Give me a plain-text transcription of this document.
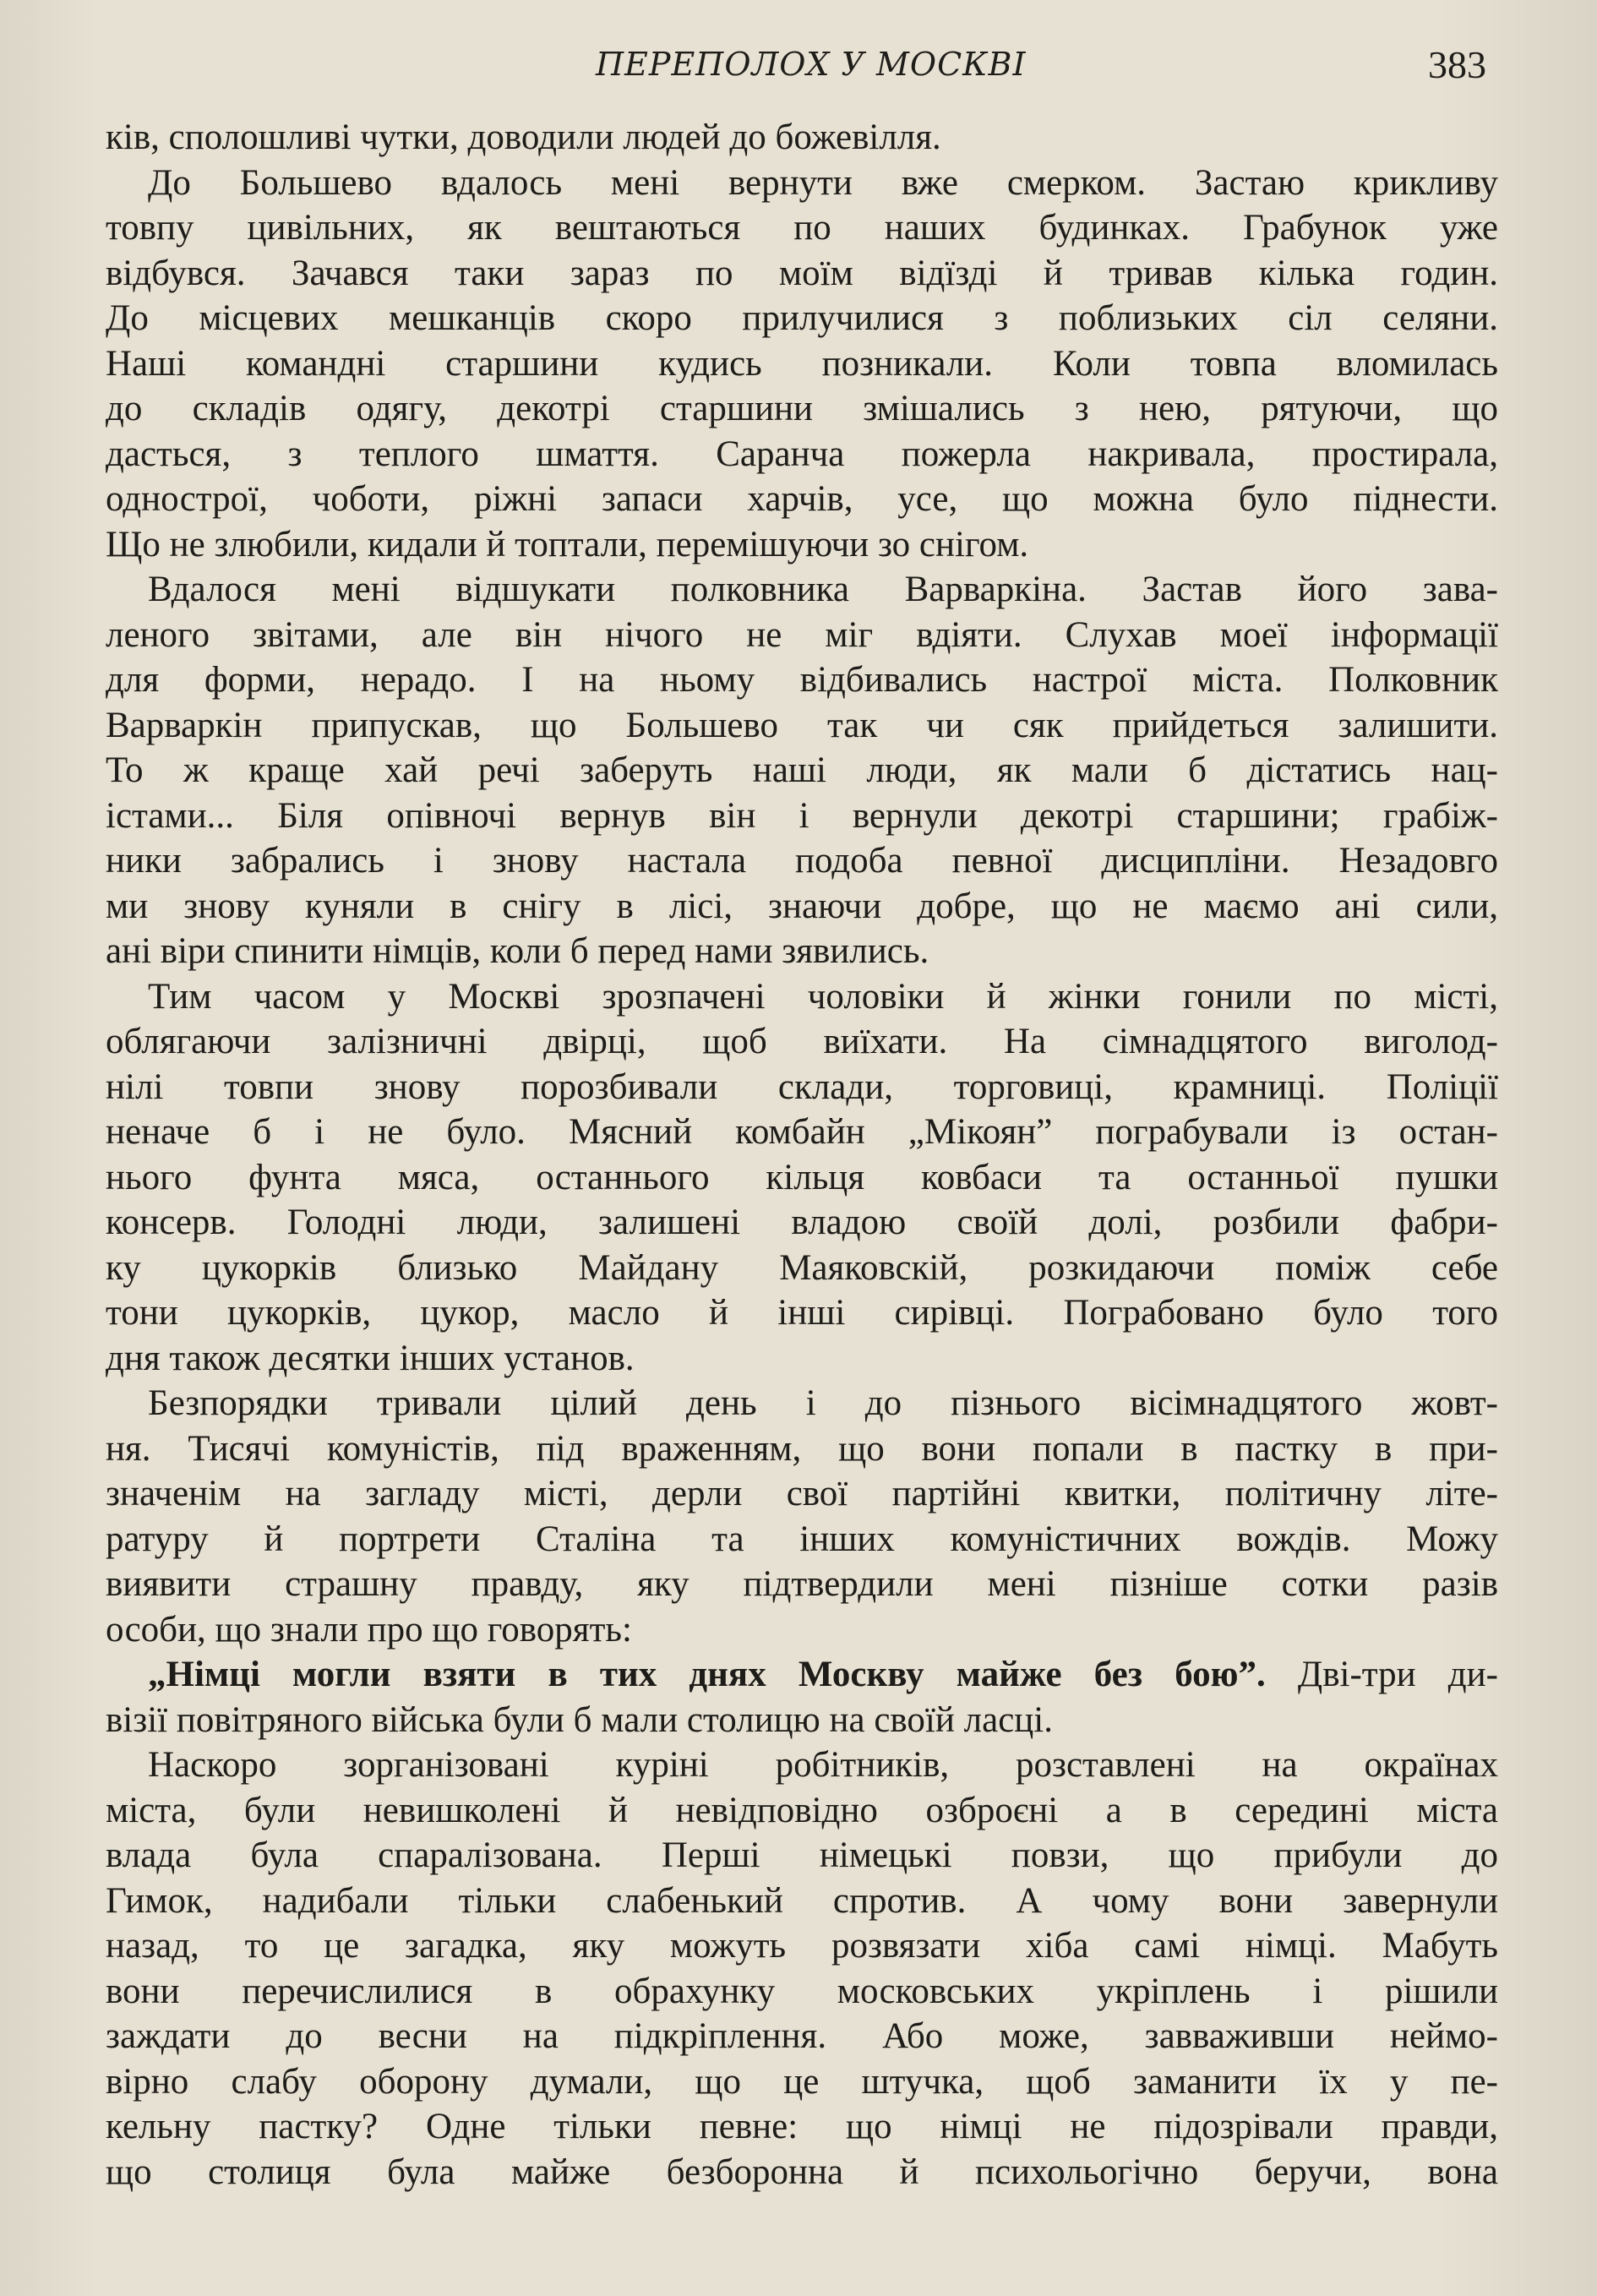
ПЕРЕПОЛОХ У МОСКВІ	383
ків, сполошливі чутки, доводили людей до божевілля.
До Большево вдалось мені вернути вже смерком. Застаю крикливу
товпу цивільних, як вештаються по наших будинках. Грабунок уже
відбувся. Зачався таки зараз по моїм відїзді й тривав кілька годин.
До місцевих мешканців скоро прилучилися з поблизьких сіл селяни.
Наші командні старшини кудись позникали. Коли товпа вломилась
до складів одягу, декотрі старшини змішались з нею, рятуючи, що
дасться, з теплого шмаття. Саранча пожерла накривала, простирала,
одностроï, чоботи, ріжні запаси харчів, усе, що можна було піднести.
Що не злюбили, кидали й топтали, перемішуючи зо снігом.
Вдалося мені відшукати полковника Варваркіна. Застав його зава-
леного звітами, але він нічого не міг вдіяти. Слухав моеї інформації
для форми, нерадо. І на ньому відбивались настрої міста. Полковник
Варваркін припускав, що Большево так чи сяк прийдеться залишити.
То ж краще хай речі заберуть наші люди, як мали б дістатись нац-
істами... Біля опівночі вернув він і вернули декотрі старшини; грабіж-
ники забрались і знову настала подоба певної дисципліни. Незадовго
ми знову куняли в снігу в лісі, знаючи добре, що не маємо ані сили,
ані віри спинити німців, коли б перед нами зявились.
Тим часом у Москві зрозпачені чоловіки й жінки гонили по місті,
облягаючи залізничні двірці, щоб виїхати. На сімнадцятого виголод-
нілі товпи знову порозбивали склади, торговиці, крамниці. Поліції
неначе б і не було. Мясний комбайн „Мікоян” пограбували із остан-
нього фунта мяса, останнього кільця ковбаси та останньої пушки
консерв. Голодні люди, залишені владою своїй долі, розбили фабри-
ку цукорків близько Майдану Маяковскій, розкидаючи поміж себе
тони цукорків, цукор, масло й інші сирівці. Пограбовано було того
дня також десятки інших установ.
Безпорядки тривали цілий день і до пізнього вісімнадцятого жовт-
ня. Тисячі комуністів, під враженням, що вони попали в пастку в при-
значенім на загладу місті, дерли свої партійні квитки, політичну літе-
ратуру й портрети Сталіна та інших комуністичних вождів. Можу
виявити страшну правду, яку підтвердили мені пізніше сотки разів
особи, що знали про що говорять:
„Німці могли взяти в тих днях Москву майже без бою”. Дві-три ди-
візії повітряного війська були б мали столицю на своїй ласці.
Наскоро зорганізовані куріні робітників, розставлені на окраїнах
міста, були невишколені й невідповідно озброєні а в середині міста
влада була спаралізована. Перші німецькі повзи, що прибули до
Гимок, надибали тільки слабенький спротив. А чому вони завернули
назад, то це загадка, яку можуть розвязати хіба самі німці. Мабуть
вони перечислилися в обрахунку московських укріплень і рішили
заждати до весни на підкріплення. Або може, завваживши неймо-
вірно слабу оборону думали, що це штучка, щоб заманити їх у пе-
кельну пастку? Одне тільки певне: що німці не підозрівали правди,
що столиця була майже безборонна й психольогічно беручи, вона
